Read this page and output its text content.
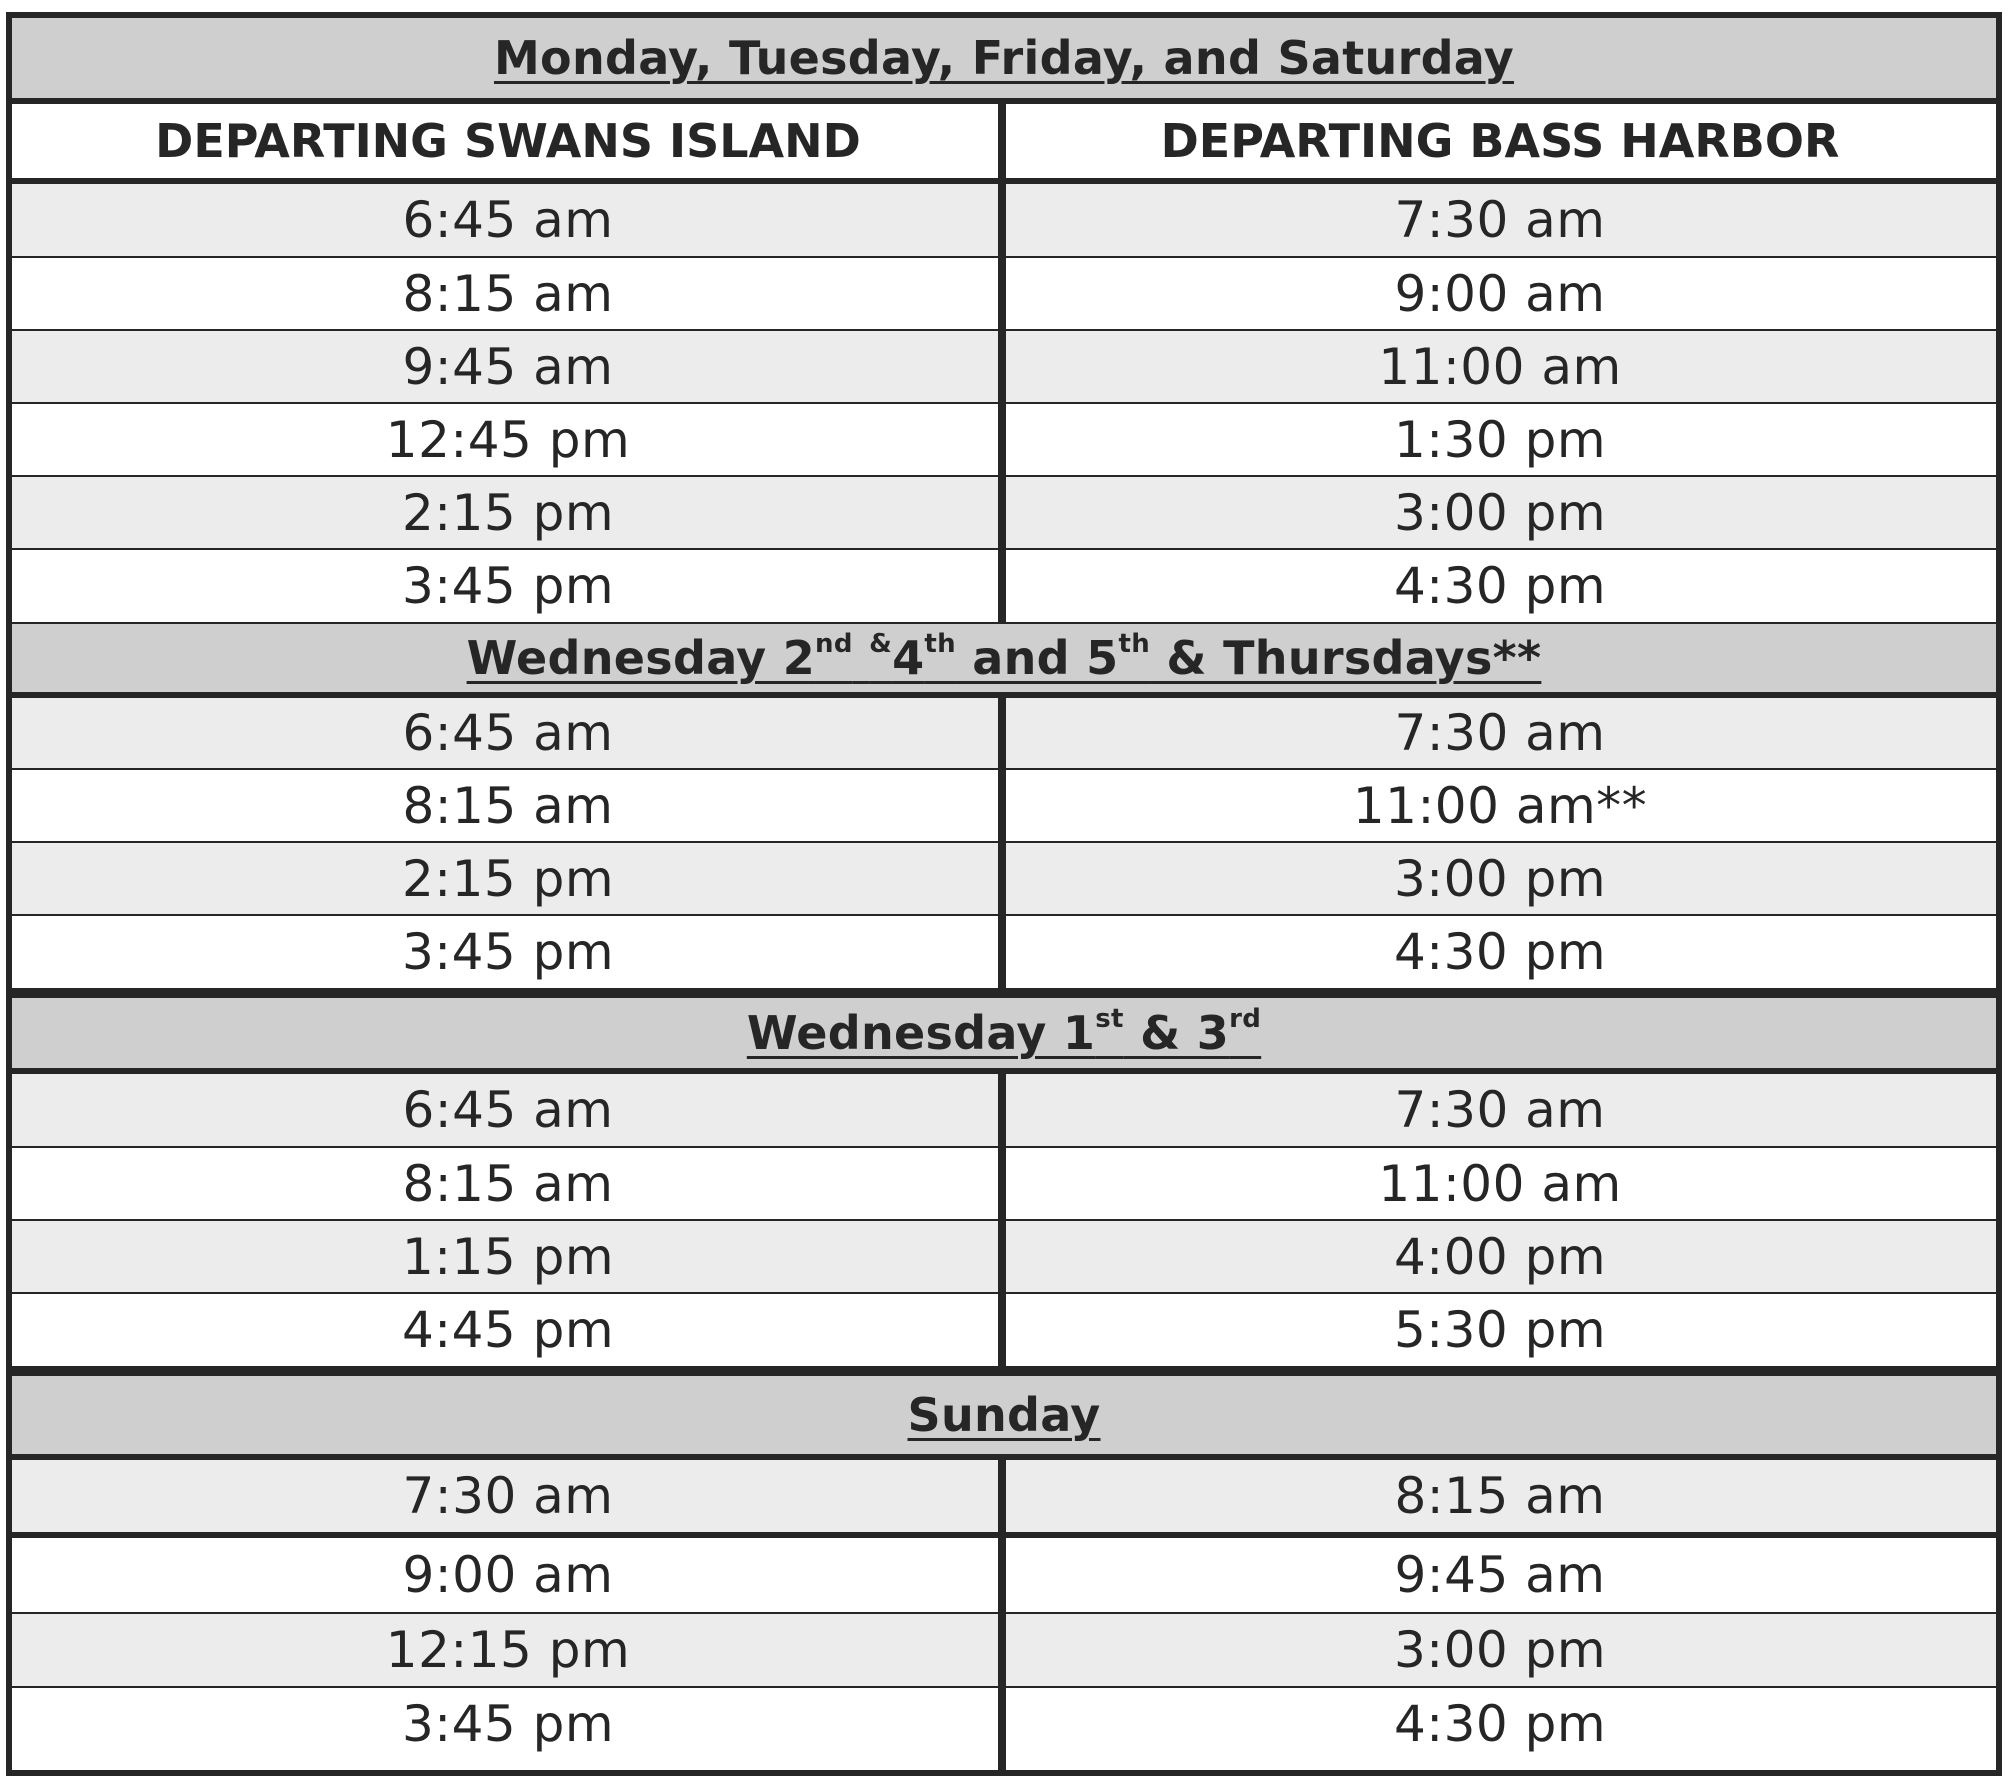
Monday, Tuesday, Friday, and Saturday
DEPARTING SWANS ISLAND	DEPARTING BASS HARBOR
6:45 am	7:30 am
8:15 am	9:00 am
9:45 am	11:00 am
12:45 pm	1:30 pm
2:15 pm	3:00 pm
3:45 pm	4:30 pm
Wednesday 2nd &4th and 5th & Thursdays**
6:45 am	7:30 am
8:15 am	11:00 am**
2:15 pm	3:00 pm
3:45 pm	4:30 pm
Wednesday 1st & 3rd
6:45 am	7:30 am
8:15 am	11:00 am
1:15 pm	4:00 pm
4:45 pm	5:30 pm
Sunday
7:30 am	8:15 am
9:00 am	9:45 am
12:15 pm	3:00 pm
3:45 pm	4:30 pm
